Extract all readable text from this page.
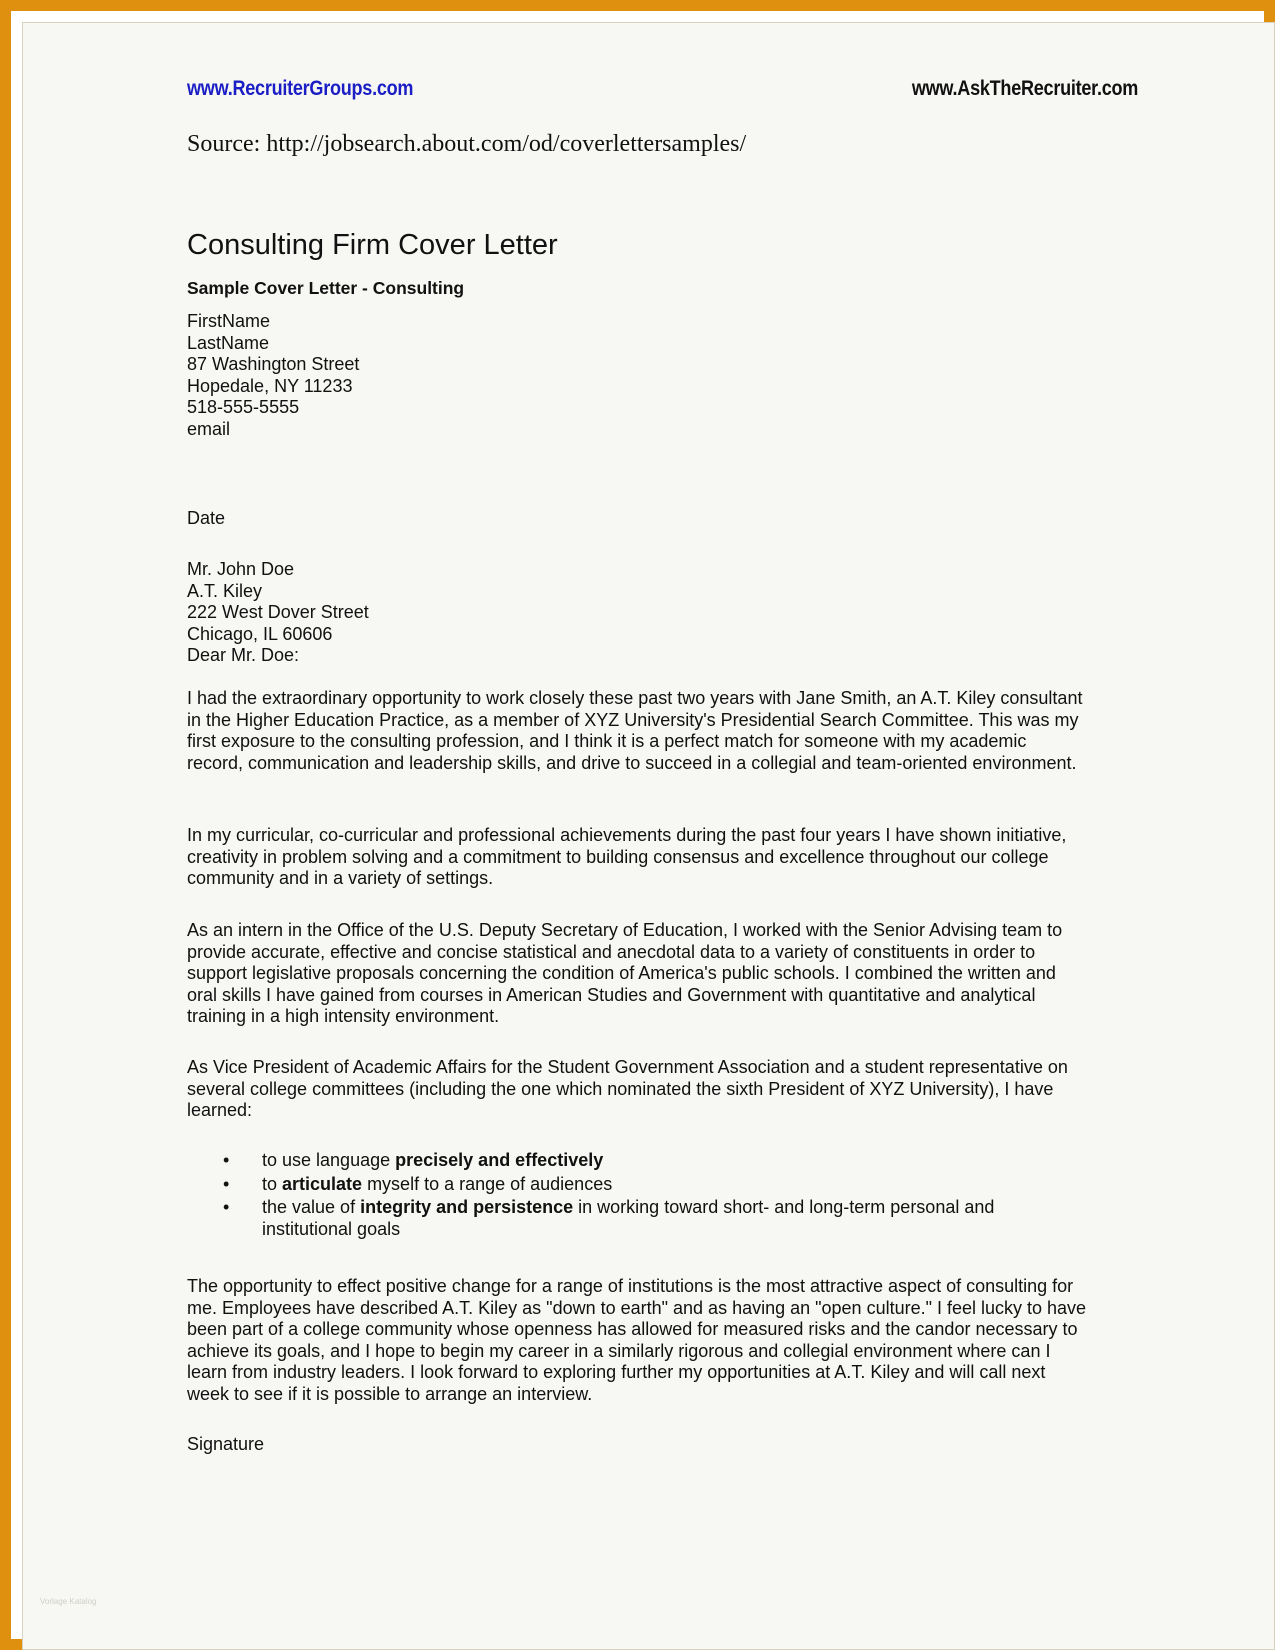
www.RecruiterGroups.com	www.AskTheRecruiter.com
Source: http://jobsearch.about.com/od/coverlettersamples/
Consulting Firm Cover Letter
Sample Cover Letter - Consulting
FirstName
LastName
87 Washington Street
Hopedale, NY 11233
518-555-5555
email
Date
Mr. John Doe
A.T. Kiley
222 West Dover Street
Chicago, IL 60606
Dear Mr. Doe:
I had the extraordinary opportunity to work closely these past two years with Jane Smith, an A.T. Kiley consultant in the Higher Education Practice, as a member of XYZ University's Presidential Search Committee. This was my first exposure to the consulting profession, and I think it is a perfect match for someone with my academic record, communication and leadership skills, and drive to succeed in a collegial and team-oriented environment.
In my curricular, co-curricular and professional achievements during the past four years I have shown initiative, creativity in problem solving and a commitment to building consensus and excellence throughout our college community and in a variety of settings.
As an intern in the Office of the U.S. Deputy Secretary of Education, I worked with the Senior Advising team to provide accurate, effective and concise statistical and anecdotal data to a variety of constituents in order to support legislative proposals concerning the condition of America's public schools. I combined the written and oral skills I have gained from courses in American Studies and Government with quantitative and analytical training in a high intensity environment.
As Vice President of Academic Affairs for the Student Government Association and a student representative on several college committees (including the one which nominated the sixth President of XYZ University), I have learned:
• to use language precisely and effectively
• to articulate myself to a range of audiences
• the value of integrity and persistence in working toward short- and long-term personal and institutional goals
The opportunity to effect positive change for a range of institutions is the most attractive aspect of consulting for me. Employees have described A.T. Kiley as "down to earth" and as having an "open culture." I feel lucky to have been part of a college community whose openness has allowed for measured risks and the candor necessary to achieve its goals, and I hope to begin my career in a similarly rigorous and collegial environment where can I learn from industry leaders. I look forward to exploring further my opportunities at A.T. Kiley and will call next week to see if it is possible to arrange an interview.
Signature
Vorlage Katalog
